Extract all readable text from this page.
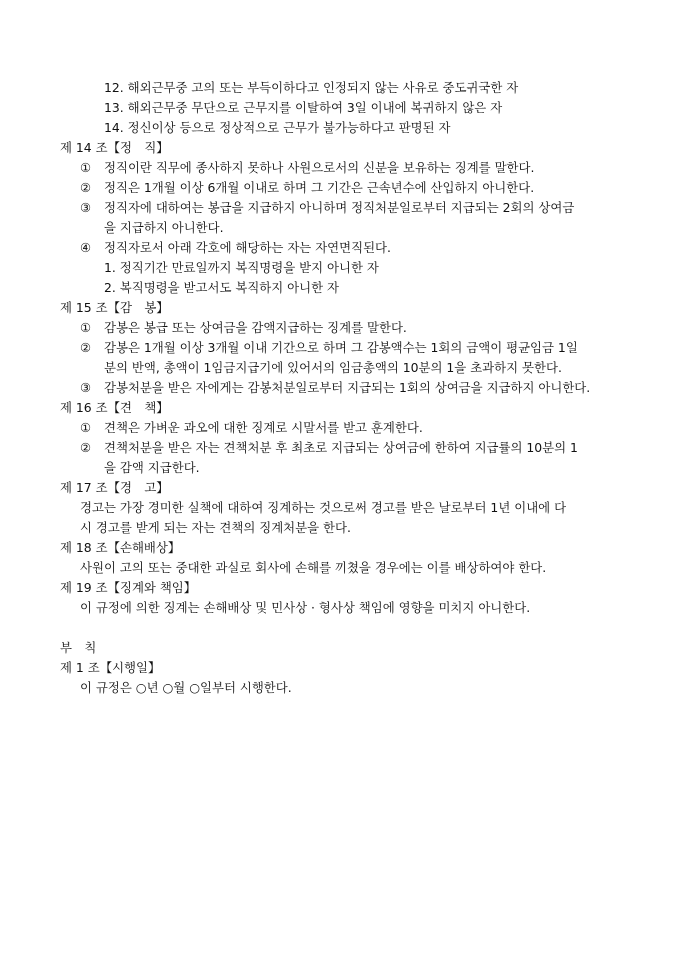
12. 해외근무중 고의 또는 부득이하다고 인정되지 않는 사유로 중도귀국한 자
13. 해외근무중 무단으로 근무지를 이탈하여 3일 이내에 복귀하지 않은 자
14. 정신이상 등으로 정상적으로 근무가 불가능하다고 판명된 자
제 14 조【정　직】
①	정직이란 직무에 종사하지 못하나 사원으로서의 신분을 보유하는 징계를 말한다.
②	정직은 1개월 이상 6개월 이내로 하며 그 기간은 근속년수에 산입하지 아니한다.
③	정직자에 대하여는 봉급을 지급하지 아니하며 정직처분일로부터 지급되는 2회의 상여금
을 지급하지 아니한다.
④	정직자로서 아래 각호에 해당하는 자는 자연면직된다.
1. 정직기간 만료일까지 복직명령을 받지 아니한 자
2. 복직명령을 받고서도 복직하지 아니한 자
제 15 조【감　봉】
①	감봉은 봉급 또는 상여금을 감액지급하는 징계를 말한다.
②	감봉은 1개월 이상 3개월 이내 기간으로 하며 그 감봉액수는 1회의 금액이 평균임금 1일
분의 반액, 총액이 1임금지급기에 있어서의 임금총액의 10분의 1을 초과하지 못한다.
③	감봉처분을 받은 자에게는 감봉처분일로부터 지급되는 1회의 상여금을 지급하지 아니한다.
제 16 조【견　책】
①	견책은 가벼운 과오에 대한 징계로 시말서를 받고 훈계한다.
②	견책처분을 받은 자는 견책처분 후 최초로 지급되는 상여금에 한하여 지급률의 10분의 1
을 감액 지급한다.
제 17 조【경　고】
경고는 가장 경미한 실책에 대하여 징계하는 것으로써 경고를 받은 날로부터 1년 이내에 다
시 경고를 받게 되는 자는 견책의 징계처분을 한다.
제 18 조【손해배상】
사원이 고의 또는 중대한 과실로 회사에 손해를 끼쳤을 경우에는 이를 배상하여야 한다.
제 19 조【징계와 책임】
이 규정에 의한 징계는 손해배상 및 민사상 · 형사상 책임에 영향을 미치지 아니한다.
부　칙
제 1 조【시행일】
이 규정은 ○년 ○월 ○일부터 시행한다.
